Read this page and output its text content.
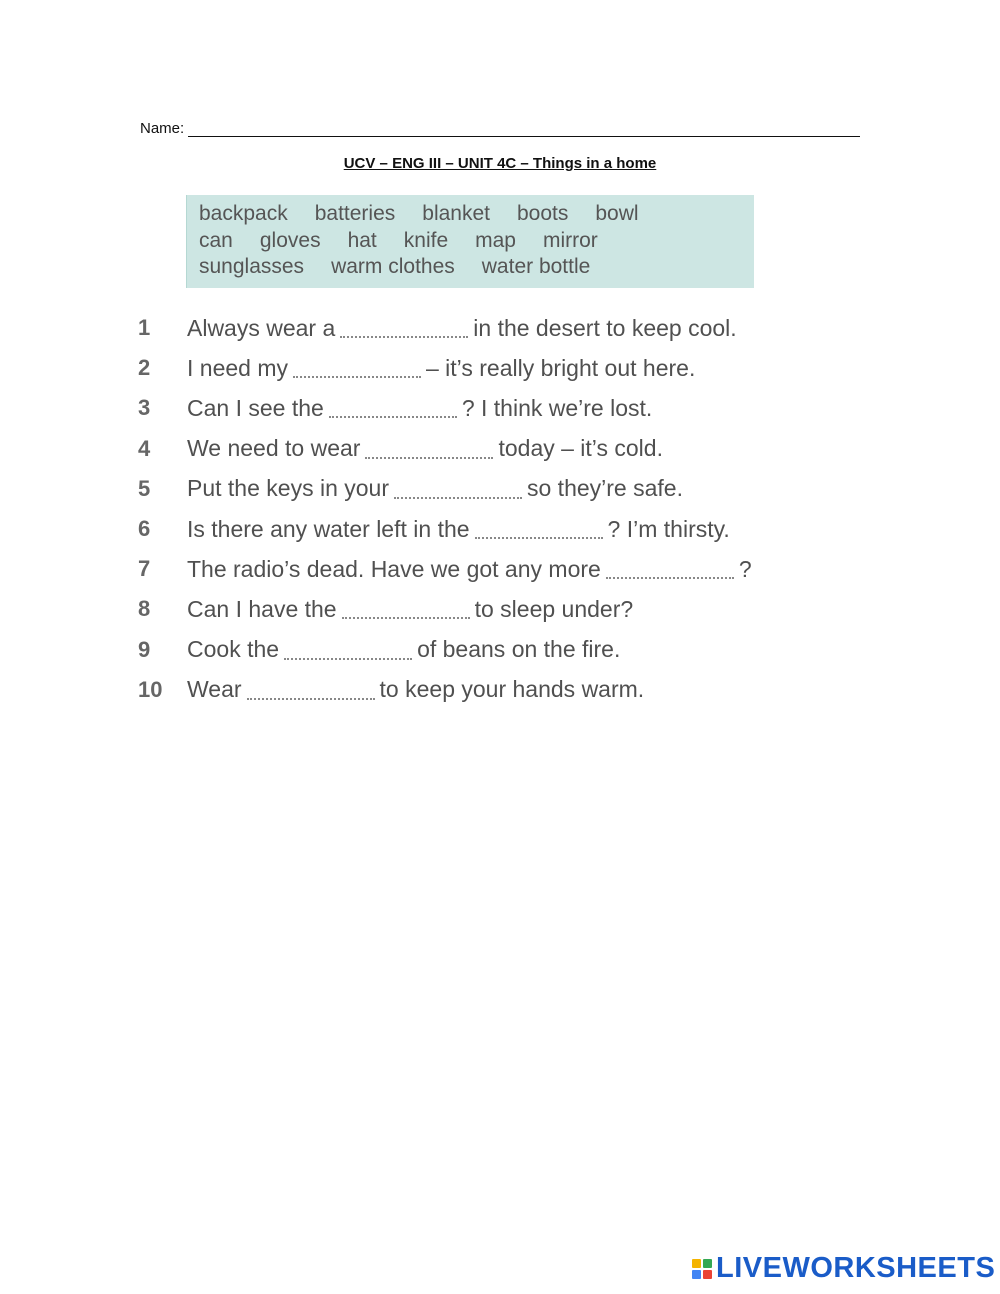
Name:
UCV – ENG III – UNIT 4C – Things in a home
backpack batteries blanket boots bowl
can gloves hat knife map mirror
sunglasses warm clothes water bottle
1	Always wear a	in the desert to keep cool.
2	I need my	– it’s really bright out here.
3	Can I see the	? I think we’re lost.
4	We need to wear	today – it’s cold.
5	Put the keys in your	so they’re safe.
6	Is there any water left in the	? I’m thirsty.
7	The radio’s dead. Have we got any more	?
8	Can I have the	to sleep under?
9	Cook the	of beans on the fire.
10	Wear	to keep your hands warm.
LIVEWORKSHEETS
